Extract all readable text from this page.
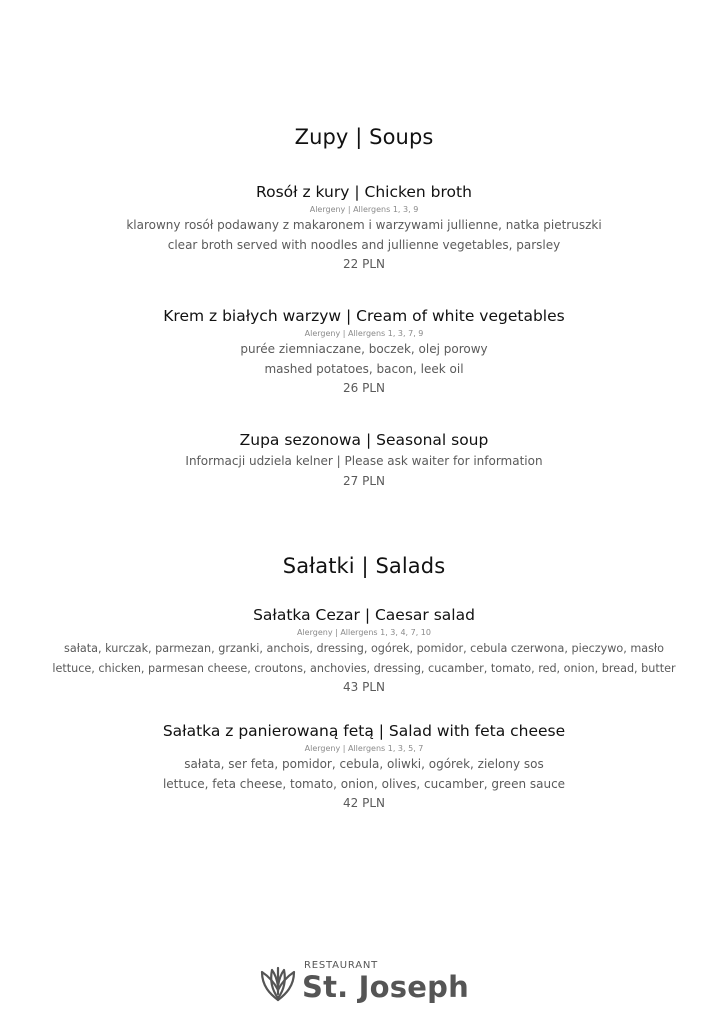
Zupy | Soups
Rosół z kury | Chicken broth
Alergeny | Allergens 1, 3, 9
klarowny rosół podawany z makaronem i warzywami jullienne, natka pietruszki
clear broth served with noodles and jullienne vegetables, parsley
22 PLN
Krem z białych warzyw | Cream of white vegetables
Alergeny | Allergens 1, 3, 7, 9
purée ziemniaczane, boczek, olej porowy
mashed potatoes, bacon, leek oil
26 PLN
Zupa sezonowa | Seasonal soup
Informacji udziela kelner | Please ask waiter for information
27 PLN
Sałatki | Salads
Sałatka Cezar | Caesar salad
Alergeny | Allergens 1, 3, 4, 7, 10
sałata, kurczak, parmezan, grzanki, anchois, dressing, ogórek, pomidor, cebula czerwona, pieczywo, masło
lettuce, chicken, parmesan cheese, croutons, anchovies, dressing, cucamber, tomato, red, onion, bread, butter
43 PLN
Sałatka z panierowaną fetą | Salad with feta cheese
Alergeny | Allergens 1, 3, 5, 7
sałata, ser feta, pomidor, cebula, oliwki, ogórek, zielony sos
lettuce, feta cheese, tomato, onion, olives, cucamber, green sauce
42 PLN
RESTAURANT
St. Joseph
